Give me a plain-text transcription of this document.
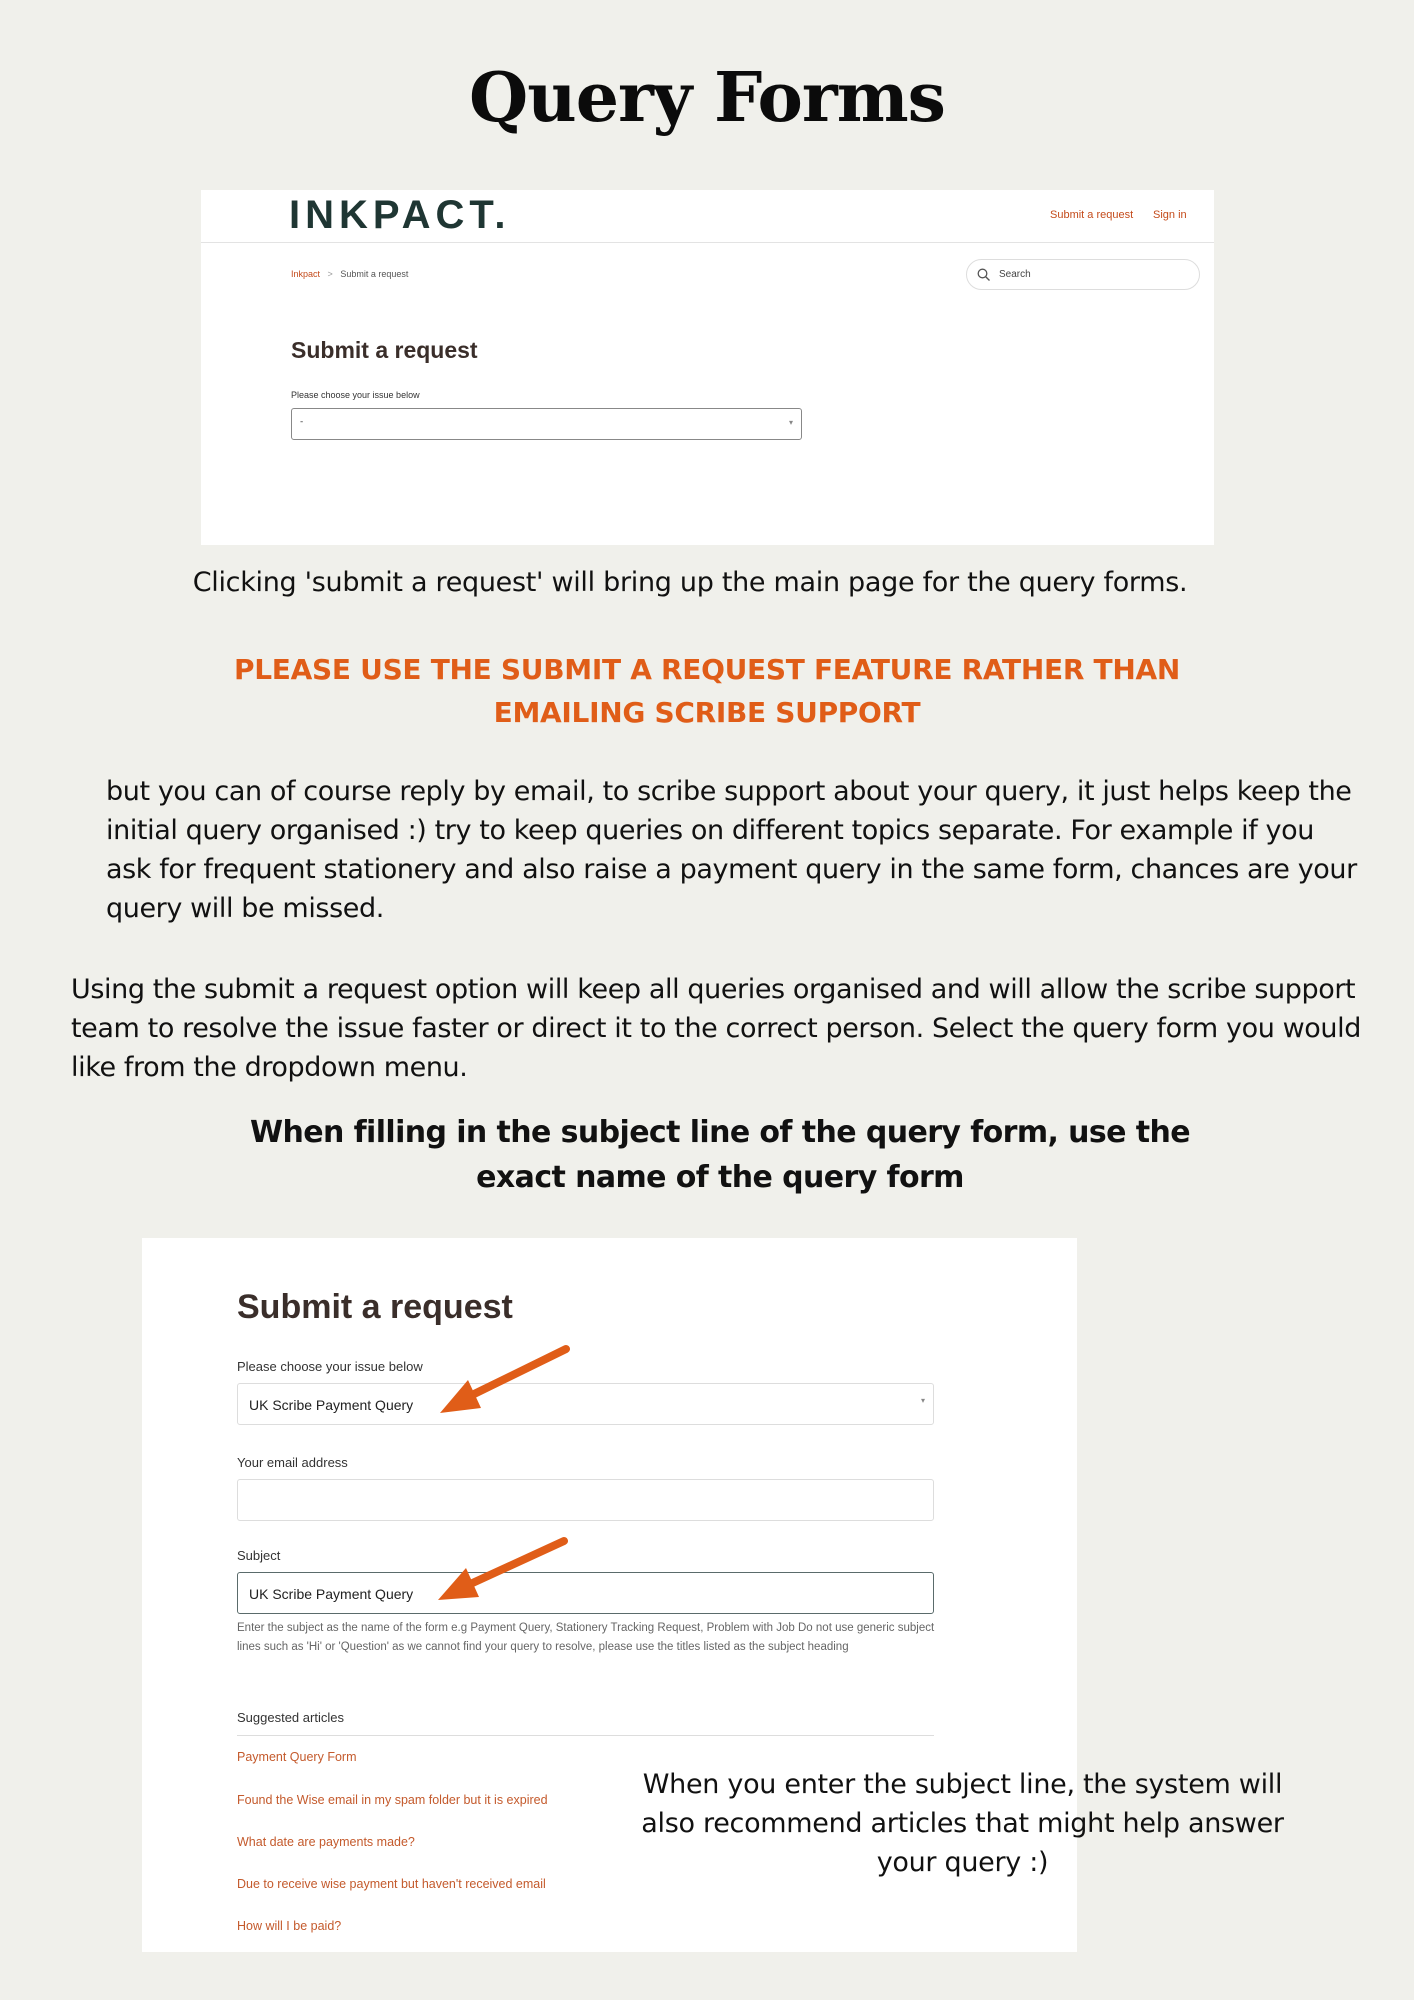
Query Forms
INKPACT.	Submit a request Sign in
Inkpact > Submit a request	Search
Submit a request
Please choose your issue below
-	▾
Clicking 'submit a request' will bring up the main page for the query forms.
PLEASE USE THE SUBMIT A REQUEST FEATURE RATHER THAN
EMAILING SCRIBE SUPPORT
but you can of course reply by email, to scribe support about your query, it just helps keep the initial query organised :) try to keep queries on different topics separate. For example if you ask for frequent stationery and also raise a payment query in the same form, chances are your query will be missed.
Using the submit a request option will keep all queries organised and will allow the scribe support team to resolve the issue faster or direct it to the correct person. Select the query form you would like from the dropdown menu.
When filling in the subject line of the query form, use the
exact name of the query form
Submit a request
Please choose your issue below
UK Scribe Payment Query	▾
Your email address
Subject
UK Scribe Payment Query
Enter the subject as the name of the form e.g Payment Query, Stationery Tracking Request, Problem with Job Do not use generic subject lines such as 'Hi' or 'Question' as we cannot find your query to resolve, please use the titles listed as the subject heading
Suggested articles
Payment Query Form
Found the Wise email in my spam folder but it is expired
What date are payments made?
Due to receive wise payment but haven't received email
How will I be paid?
When you enter the subject line, the system will also recommend articles that might help answer your query :)
